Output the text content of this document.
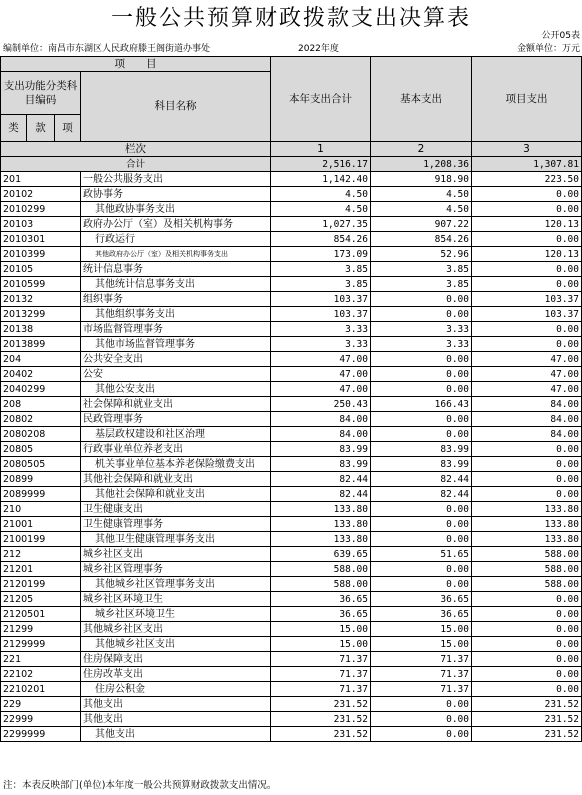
一般公共预算财政拨款支出决算表
公开05表
编制单位：南昌市东湖区人民政府滕王阁街道办事处	2022年度	金额单位：万元
项　　目				本年支出合计	基本支出	项目支出
支出功能分类科目编码			科目名称			
类	款	项				
栏次				1	2	3
合计				2,516.17	1,208.36	1,307.81
201			一般公共服务支出	1,142.40	918.90	223.50
20102			政协事务	4.50	4.50	0.00
2010299			其他政协事务支出	4.50	4.50	0.00
20103			政府办公厅（室）及相关机构事务	1,027.35	907.22	120.13
2010301			行政运行	854.26	854.26	0.00
2010399			其他政府办公厅（室）及相关机构事务支出	173.09	52.96	120.13
20105			统计信息事务	3.85	3.85	0.00
2010599			其他统计信息事务支出	3.85	3.85	0.00
20132			组织事务	103.37	0.00	103.37
2013299			其他组织事务支出	103.37	0.00	103.37
20138			市场监督管理事务	3.33	3.33	0.00
2013899			其他市场监督管理事务	3.33	3.33	0.00
204			公共安全支出	47.00	0.00	47.00
20402			公安	47.00	0.00	47.00
2040299			其他公安支出	47.00	0.00	47.00
208			社会保障和就业支出	250.43	166.43	84.00
20802			民政管理事务	84.00	0.00	84.00
2080208			基层政权建设和社区治理	84.00	0.00	84.00
20805			行政事业单位养老支出	83.99	83.99	0.00
2080505			机关事业单位基本养老保险缴费支出	83.99	83.99	0.00
20899			其他社会保障和就业支出	82.44	82.44	0.00
2089999			其他社会保障和就业支出	82.44	82.44	0.00
210			卫生健康支出	133.80	0.00	133.80
21001			卫生健康管理事务	133.80	0.00	133.80
2100199			其他卫生健康管理事务支出	133.80	0.00	133.80
212			城乡社区支出	639.65	51.65	588.00
21201			城乡社区管理事务	588.00	0.00	588.00
2120199			其他城乡社区管理事务支出	588.00	0.00	588.00
21205			城乡社区环境卫生	36.65	36.65	0.00
2120501			城乡社区环境卫生	36.65	36.65	0.00
21299			其他城乡社区支出	15.00	15.00	0.00
2129999			其他城乡社区支出	15.00	15.00	0.00
221			住房保障支出	71.37	71.37	0.00
22102			住房改革支出	71.37	71.37	0.00
2210201			住房公积金	71.37	71.37	0.00
229			其他支出	231.52	0.00	231.52
22999			其他支出	231.52	0.00	231.52
2299999			其他支出	231.52	0.00	231.52
注：本表反映部门(单位)本年度一般公共预算财政拨款支出情况。
